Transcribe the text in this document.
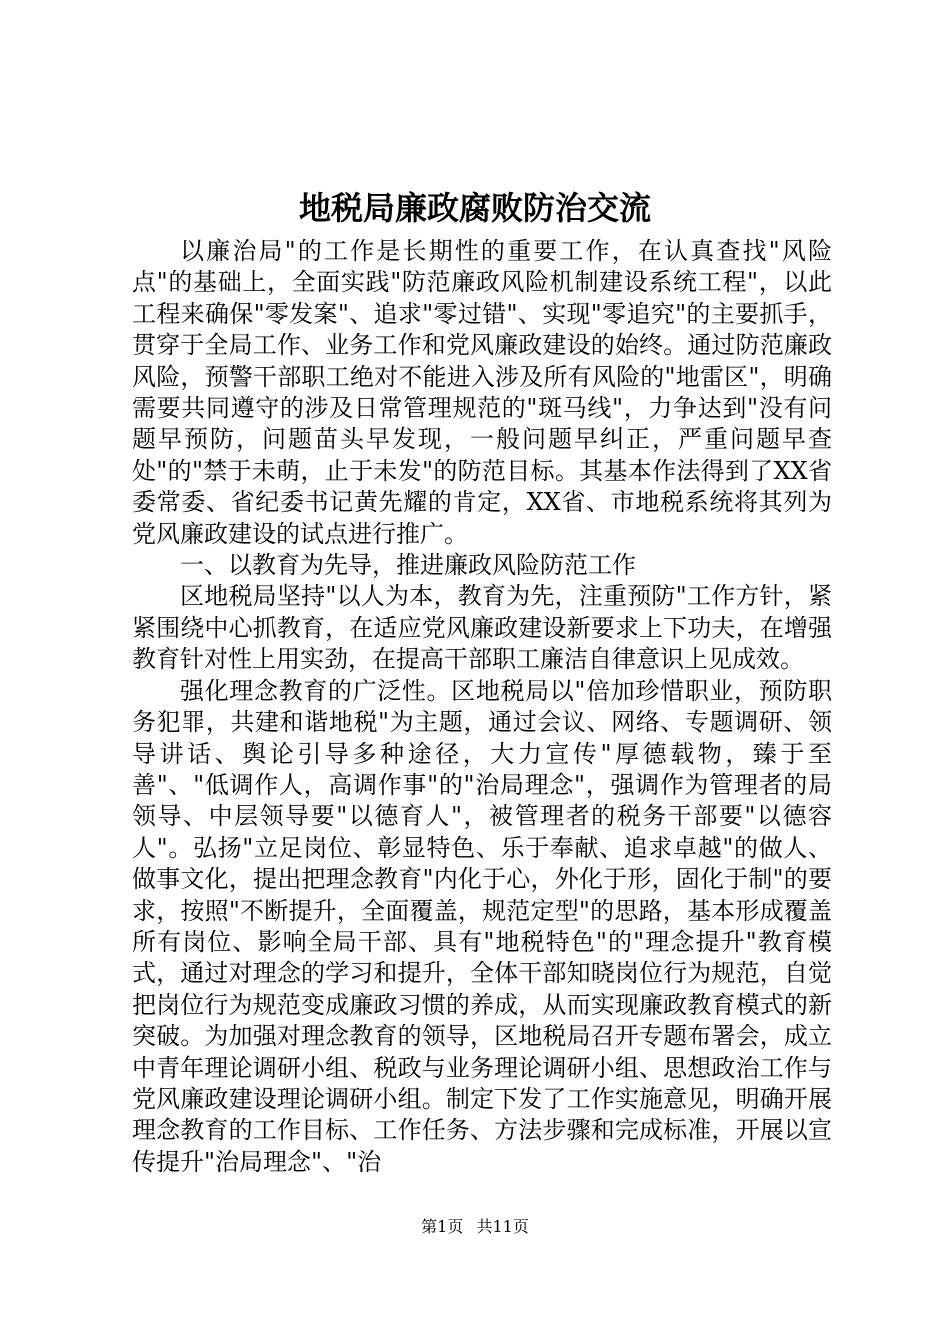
地税局廉政腐败防治交流

以廉治局"的工作是长期性的重要工作，在认真查找"风险点"的基础上，全面实践"防范廉政风险机制建设系统工程"，以此工程来确保"零发案"、追求"零过错"、实现"零追究"的主要抓手，贯穿于全局工作、业务工作和党风廉政建设的始终。通过防范廉政风险，预警干部职工绝对不能进入涉及所有风险的"地雷区"，明确需要共同遵守的涉及日常管理规范的"斑马线"，力争达到"没有问题早预防，问题苗头早发现，一般问题早纠正，严重问题早查处"的"禁于未萌，止于未发"的防范目标。其基本作法得到了XX省委常委、省纪委书记黄先耀的肯定，XX省、市地税系统将其列为党风廉政建设的试点进行推广。

一、以教育为先导，推进廉政风险防范工作

区地税局坚持"以人为本，教育为先，注重预防"工作方针，紧紧围绕中心抓教育，在适应党风廉政建设新要求上下功夫，在增强教育针对性上用实劲，在提高干部职工廉洁自律意识上见成效。

强化理念教育的广泛性。区地税局以"倍加珍惜职业，预防职务犯罪，共建和谐地税"为主题，通过会议、网络、专题调研、领导讲话、舆论引导多种途径，大力宣传"厚德载物，臻于至善"、"低调作人，高调作事"的"治局理念"，强调作为管理者的局领导、中层领导要"以德育人"，被管理者的税务干部要"以德容人"。弘扬"立足岗位、彰显特色、乐于奉献、追求卓越"的做人、做事文化，提出把理念教育"内化于心，外化于形，固化于制"的要求，按照"不断提升，全面覆盖，规范定型"的思路，基本形成覆盖所有岗位、影响全局干部、具有"地税特色"的"理念提升"教育模式，通过对理念的学习和提升，全体干部知晓岗位行为规范，自觉把岗位行为规范变成廉政习惯的养成，从而实现廉政教育模式的新突破。为加强对理念教育的领导，区地税局召开专题布署会，成立中青年理论调研小组、税政与业务理论调研小组、思想政治工作与党风廉政建设理论调研小组。制定下发了工作实施意见，明确开展理念教育的工作目标、工作任务、方法步骤和完成标准，开展以宣传提升"治局理念"、"治

第1页 共11页
